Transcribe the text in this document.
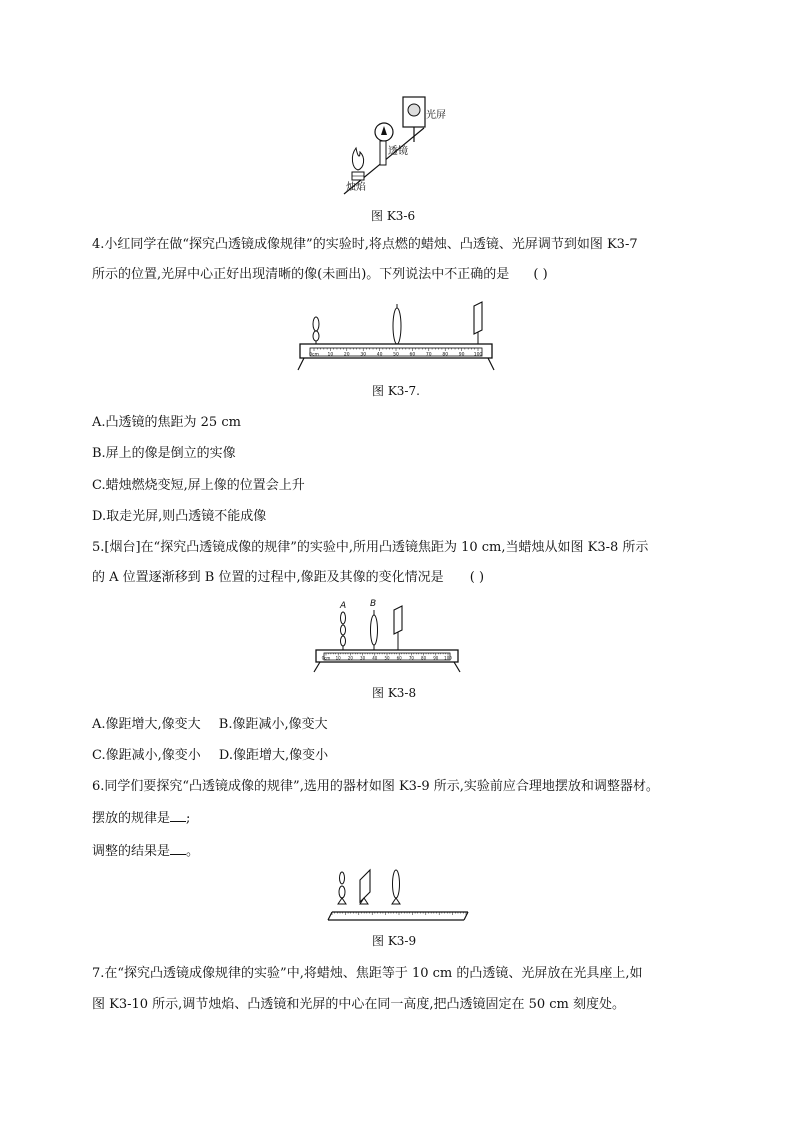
光屏
透镜
烛焰
图 K3-6
4.小红同学在做“探究凸透镜成像规律”的实验时,将点燃的蜡烛、凸透镜、光屏调节到如图 K3-7
所示的位置,光屏中心正好出现清晰的像(未画出)。下列说法中不正确的是 ( )
0cm 10 20 30 40 50 60 70 80 90 100
图 K3-7.
A.凸透镜的焦距为 25 cm
B.屏上的像是倒立的实像
C.蜡烛燃烧变短,屏上像的位置会上升
D.取走光屏,则凸透镜不能成像
5.[烟台]在“探究凸透镜成像的规律”的实验中,所用凸透镜焦距为 10 cm,当蜡烛从如图 K3-8 所示
的 A 位置逐渐移到 B 位置的过程中,像距及其像的变化情况是 ( )
A	B
0cm 10 20 30 40 50 60 70 80 90 100
图 K3-8
A.像距增大,像变大 B.像距减小,像变大
C.像距减小,像变小 D.像距增大,像变小
6.同学们要探究“凸透镜成像的规律”,选用的器材如图 K3-9 所示,实验前应合理地摆放和调整器材。
摆放的规律是 ;
调整的结果是 。
图 K3-9
7.在“探究凸透镜成像规律的实验”中,将蜡烛、焦距等于 10 cm 的凸透镜、光屏放在光具座上,如
图 K3-10 所示,调节烛焰、凸透镜和光屏的中心在同一高度,把凸透镜固定在 50 cm 刻度处。
